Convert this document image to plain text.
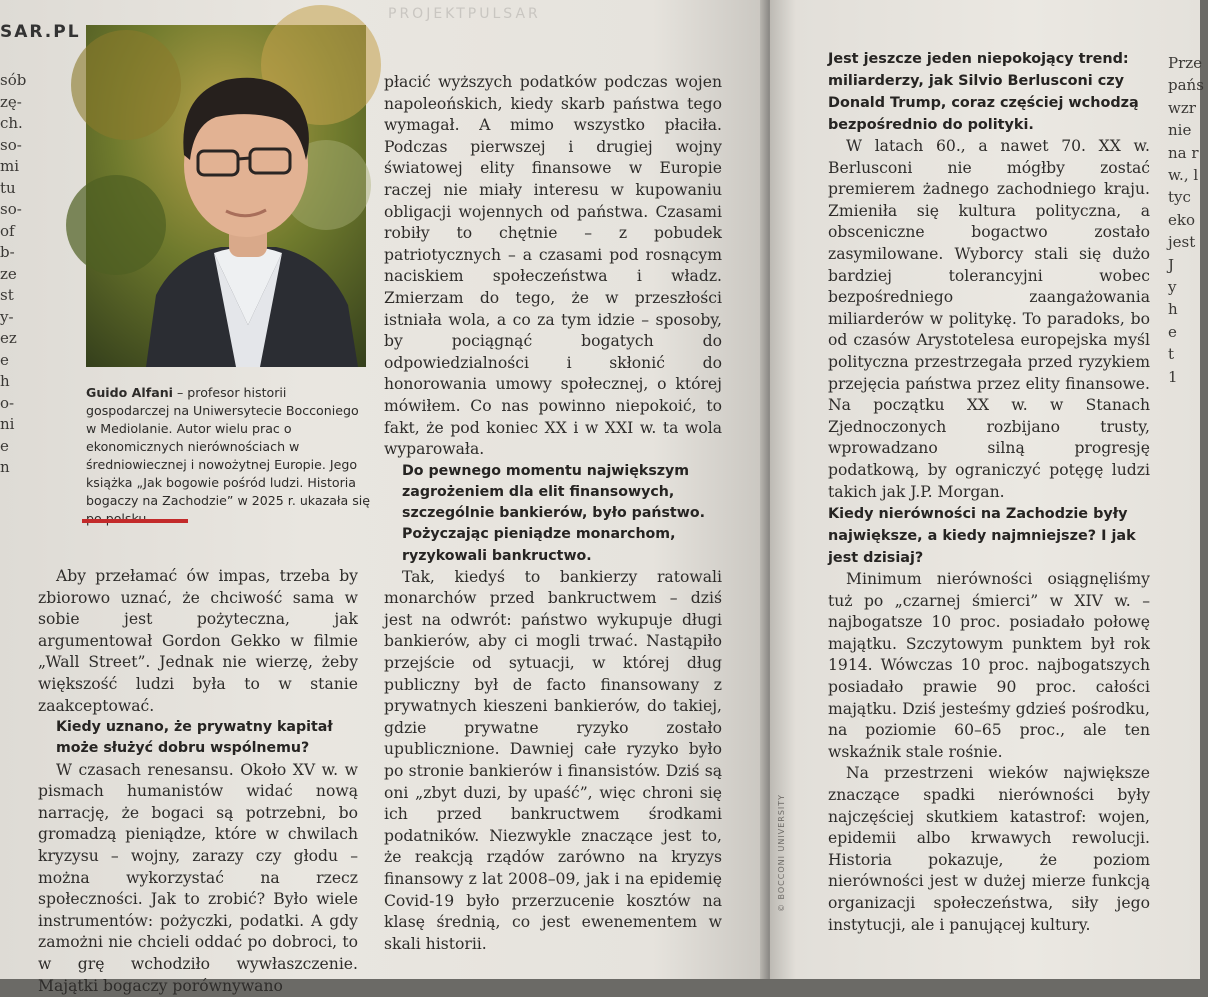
SAR.PL
PROJEKTPULSAR
sób
zę-
ch.
so-
mi
tu
so-
of
b-
ze
st
y-
ez
e
h
o-
ni
e
n
Guido Alfani – profesor historii gospodarczej na Uniwersytecie Bocconiego w Mediolanie. Autor wielu prac o ekonomicznych nierównościach w średniowiecznej i nowożytnej Europie. Jego książka „Jak bogowie pośród ludzi. Historia bogaczy na Zachodzie” w 2025 r. ukazała się

Aby przełamać ów impas, trzeba by zbiorowo uznać, że chciwość sama w sobie jest pożyteczna, jak argumentował Gordon Gekko w filmie „Wall Street”. Jednak nie wierzę, żeby większość ludzi była to w stanie zaakceptować.

Kiedy uznano, że prywatny kapitał może służyć dobru wspólnemu?

W czasach renesansu. Około XV w. w pismach humanistów widać nową narrację, że bogaci są potrzebni, bo gromadzą pieniądze, które w chwilach kryzysu – wojny, zarazy czy głodu – można wykorzystać na rzecz społeczności. Jak to zrobić? Było wiele instrumentów: pożyczki, podatki. A gdy zamożni nie chcieli oddać po dobroci, to w grę wchodziło wywłaszczenie. Majątki bogaczy porównywano

płacić wyższych podatków podczas wojen napoleońskich, kiedy skarb państwa tego wymagał. A mimo wszystko płaciła. Podczas pierwszej i drugiej wojny światowej elity finansowe w Europie raczej nie miały interesu w kupowaniu obligacji wojennych od państwa. Czasami robiły to chętnie – z pobudek patriotycznych – a czasami pod rosnącym naciskiem społeczeństwa i władz. Zmierzam do tego, że w przeszłości istniała wola, a co za tym idzie – sposoby, by pociągnąć bogatych do odpowiedzialności i skłonić do honorowania umowy społecznej, o której mówiłem. Co nas powinno niepokoić, to fakt, że pod koniec XX i w XXI w. ta wola wyparowała.

Do pewnego momentu największym zagrożeniem dla elit finansowych, szczególnie bankierów, było państwo. Pożyczając pieniądze monarchom, ryzykowali bankructwo.

Tak, kiedyś to bankierzy ratowali monarchów przed bankructwem – dziś jest na odwrót: państwo wykupuje długi bankierów, aby ci mogli trwać. Nastąpiło przejście od sytuacji, w której dług publiczny był de facto finansowany z prywatnych kieszeni bankierów, do takiej, gdzie prywatne ryzyko zostało upublicznione. Dawniej całe ryzyko było po stronie bankierów i finansistów. Dziś są oni „zbyt duzi, by upaść”, więc chroni się ich przed bankructwem środkami podatników. Niezwykle znaczące jest to, że reakcją rządów zarówno na kryzys finansowy z lat 2008–09, jak i na epidemię Covid-19 było przerzucenie kosztów na klasę średnią, co jest ewenementem w skali historii.

© BOCCONI UNIVERSITY
Jest jeszcze jeden niepokojący trend: miliarderzy, jak Silvio Berlusconi czy Donald Trump, coraz częściej wchodzą bezpośrednio do polityki.

W latach 60., a nawet 70. XX w. Berlusconi nie mógłby zostać premierem żadnego zachodniego kraju. Zmieniła się kultura polityczna, a obsceniczne bogactwo zostało zasymilowane. Wyborcy stali się dużo bardziej tolerancyjni wobec bezpośredniego zaangażowania miliarderów w politykę. To paradoks, bo od czasów Arystotelesa europejska myśl polityczna przestrzegała przed ryzykiem przejęcia państwa przez elity finansowe. Na początku XX w. w Stanach Zjednoczonych rozbijano trusty, wprowadzano silną progresję podatkową, by ograniczyć potęgę ludzi takich jak J.P. Morgan.

Kiedy nierówności na Zachodzie były największe, a kiedy najmniejsze? I jak jest dzisiaj?

Minimum nierówności osiągnęliśmy tuż po „czarnej śmierci” w XIV w. – najbogatsze 10 proc. posiadało połowę majątku. Szczytowym punktem był rok 1914. Wówczas 10 proc. najbogatszych posiadało prawie 90 proc. całości majątku. Dziś jesteśmy gdzieś pośrodku, na poziomie 60–65 proc., ale ten wskaźnik stale rośnie.

Na przestrzeni wieków największe znaczące spadki nierówności były najczęściej skutkiem katastrof: wojen, epidemii albo krwawych rewolucji. Historia pokazuje, że poziom nierówności jest w dużej mierze funkcją organizacji społeczeństwa, siły jego instytucji, ale i panującej kultury.

Prze
pańs
wzr
nie
na r
w., l
tyc
eko
jest
J
y
h
e
t
1
